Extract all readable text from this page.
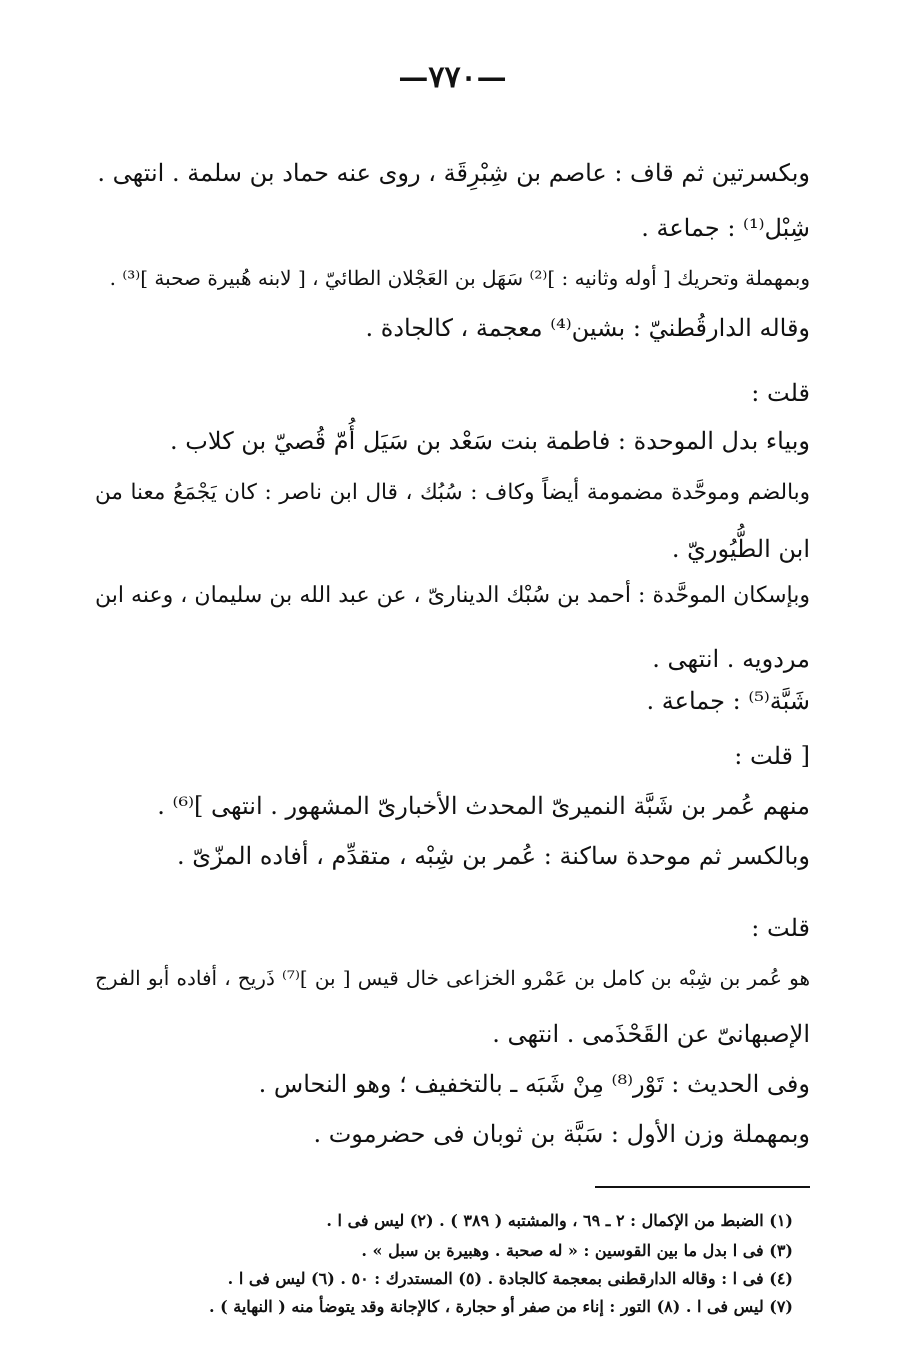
—٧٧٠—
وبكسرتين ثم قاف : عاصم بن شِبْرِقَة ، روى عنه حماد بن سلمة . انتهى .
شِبْل⁽¹⁾ : جماعة .
وبمهملة وتحريك [ أوله وثانيه : ]⁽²⁾ سَهَل بن العَجْلان الطائيّ ، [ لابنه هُبيرة صحبة ]⁽³⁾ .
وقاله الدارقُطنيّ : بشين⁽⁴⁾ معجمة ، كالجادة .
قلت :
وبياء بدل الموحدة : فاطمة بنت سَعْد بن سَيَل أُمّ قُصيّ بن كلاب .
وبالضم وموحَّدة مضمومة أيضاً وكاف : سُبُك ، قال ابن ناصر : كان يَجْمَعُ معنا من
ابن الطُّيُوريّ .
وبإسكان الموحَّدة : أحمد بن سُبْك الدينارىّ ، عن عبد الله بن سليمان ، وعنه ابن
مردويه . انتهى .
شَبَّة⁽⁵⁾ : جماعة .
[ قلت :
منهم عُمر بن شَبَّة النميرىّ المحدث الأخبارىّ المشهور . انتهى ]⁽⁶⁾ .
وبالكسر ثم موحدة ساكنة : عُمر بن شِبْه ، متقدِّم ، أفاده المزّىّ .
قلت :
هو عُمر بن شِبْه بن كامل بن عَمْرو الخزاعى خال قيس [ بن ]⁽⁷⁾ ذَريح ، أفاده أبو الفرج
الإصبهانىّ عن القَحْذَمى . انتهى .
وفى الحديث : تَوْر⁽⁸⁾ مِنْ شَبَه ـ بالتخفيف ؛ وهو النحاس .
وبمهملة وزن الأول : سَبَّة بن ثوبان فى حضرموت .
(١) الضبط من الإكمال : ٢ ـ ٦٩ ، والمشتبه ( ٣٨٩ ) . (٢) ليس فى ا .
(٣) فى ا بدل ما بين القوسين : « له صحبة . وهبيرة بن سبل » .
(٤) فى ا : وقاله الدارقطنى بمعجمة كالجادة . (٥) المستدرك : ٥٠ . (٦) ليس فى ا .
(٧) ليس فى ا . (٨) التور : إناء من صفر أو حجارة ، كالإجانة وقد يتوضأ منه ( النهاية ) .
